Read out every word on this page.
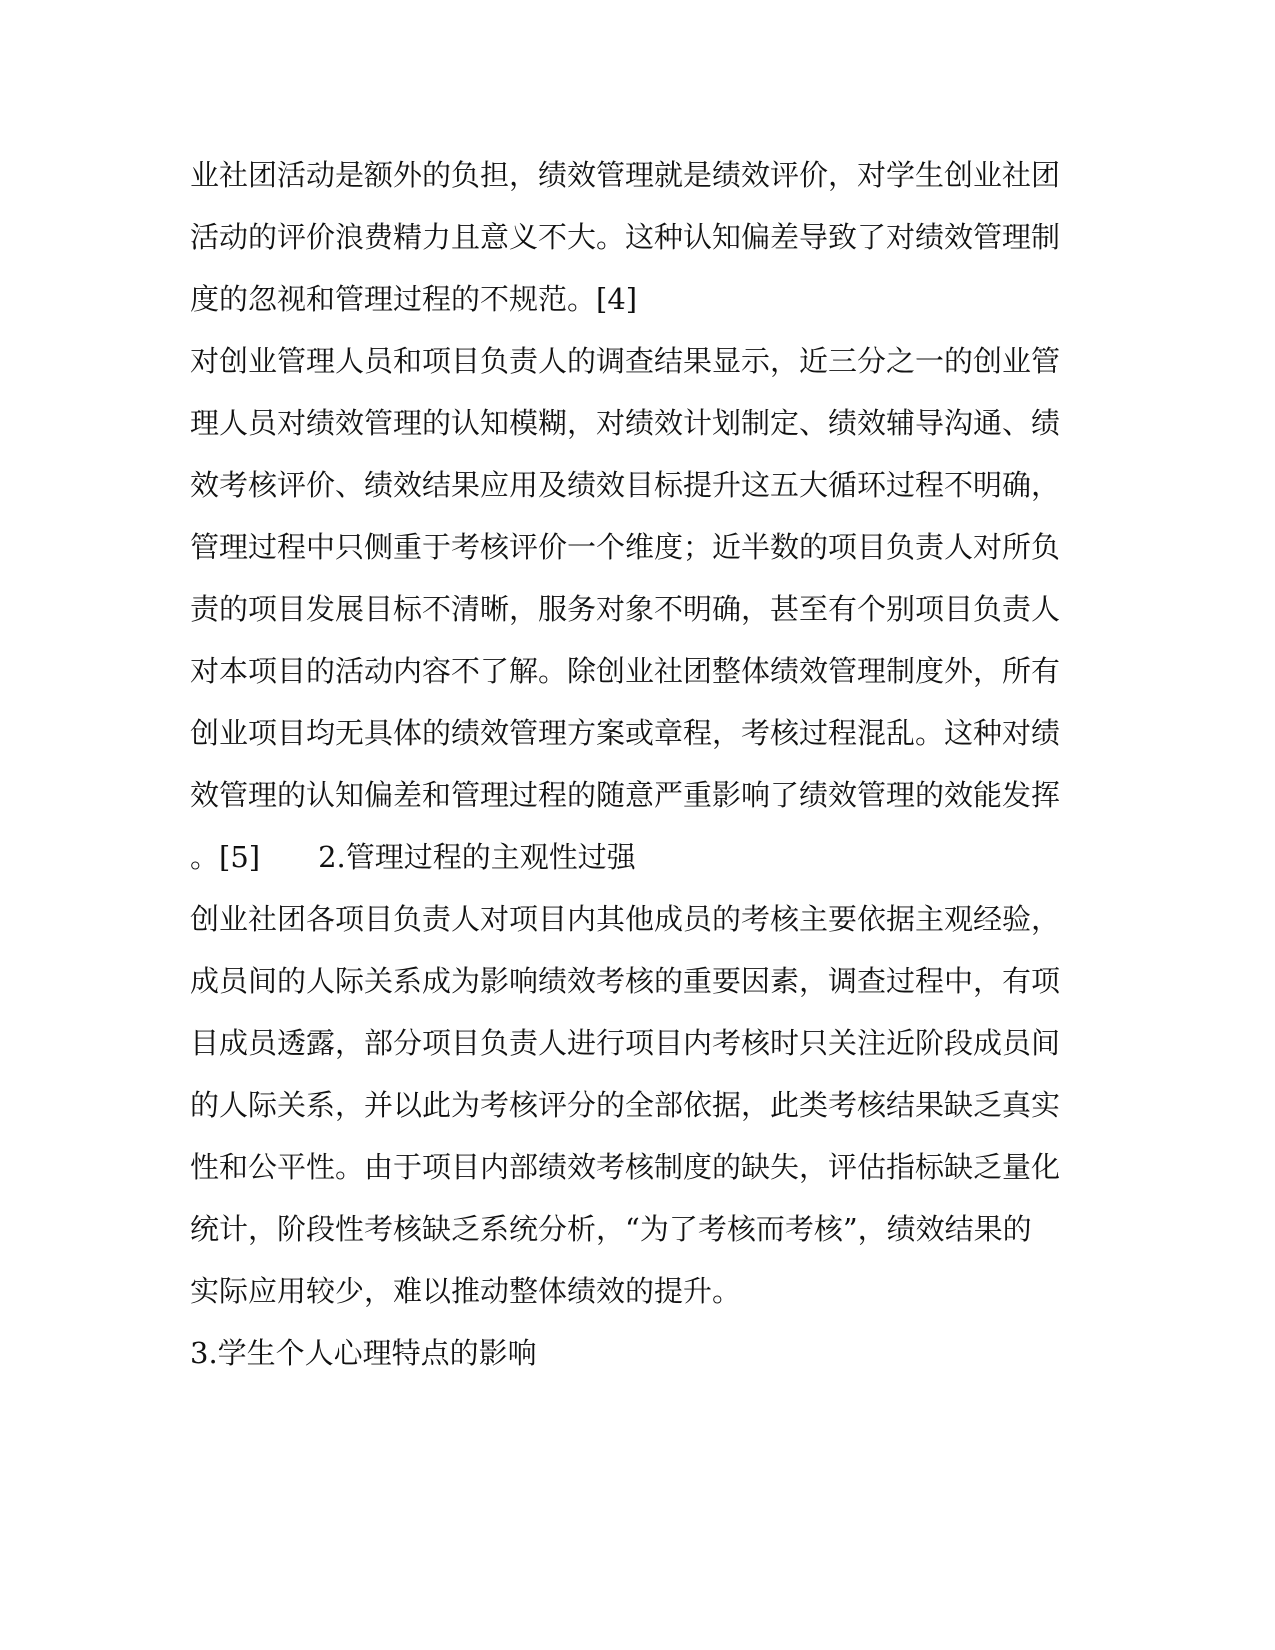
业社团活动是额外的负担，绩效管理就是绩效评价，对学生创业社团
活动的评价浪费精力且意义不大。这种认知偏差导致了对绩效管理制
度的忽视和管理过程的不规范。[4]
对创业管理人员和项目负责人的调查结果显示，近三分之一的创业管
理人员对绩效管理的认知模糊，对绩效计划制定、绩效辅导沟通、绩
效考核评价、绩效结果应用及绩效目标提升这五大循环过程不明确，
管理过程中只侧重于考核评价一个维度；近半数的项目负责人对所负
责的项目发展目标不清晰，服务对象不明确，甚至有个别项目负责人
对本项目的活动内容不了解。除创业社团整体绩效管理制度外，所有
创业项目均无具体的绩效管理方案或章程，考核过程混乱。这种对绩
效管理的认知偏差和管理过程的随意严重影响了绩效管理的效能发挥
。[5]　　2.管理过程的主观性过强
创业社团各项目负责人对项目内其他成员的考核主要依据主观经验，
成员间的人际关系成为影响绩效考核的重要因素，调查过程中，有项
目成员透露，部分项目负责人进行项目内考核时只关注近阶段成员间
的人际关系，并以此为考核评分的全部依据，此类考核结果缺乏真实
性和公平性。由于项目内部绩效考核制度的缺失，评估指标缺乏量化
统计，阶段性考核缺乏系统分析，“为了考核而考核”，绩效结果的
实际应用较少，难以推动整体绩效的提升。
3.学生个人心理特点的影响
